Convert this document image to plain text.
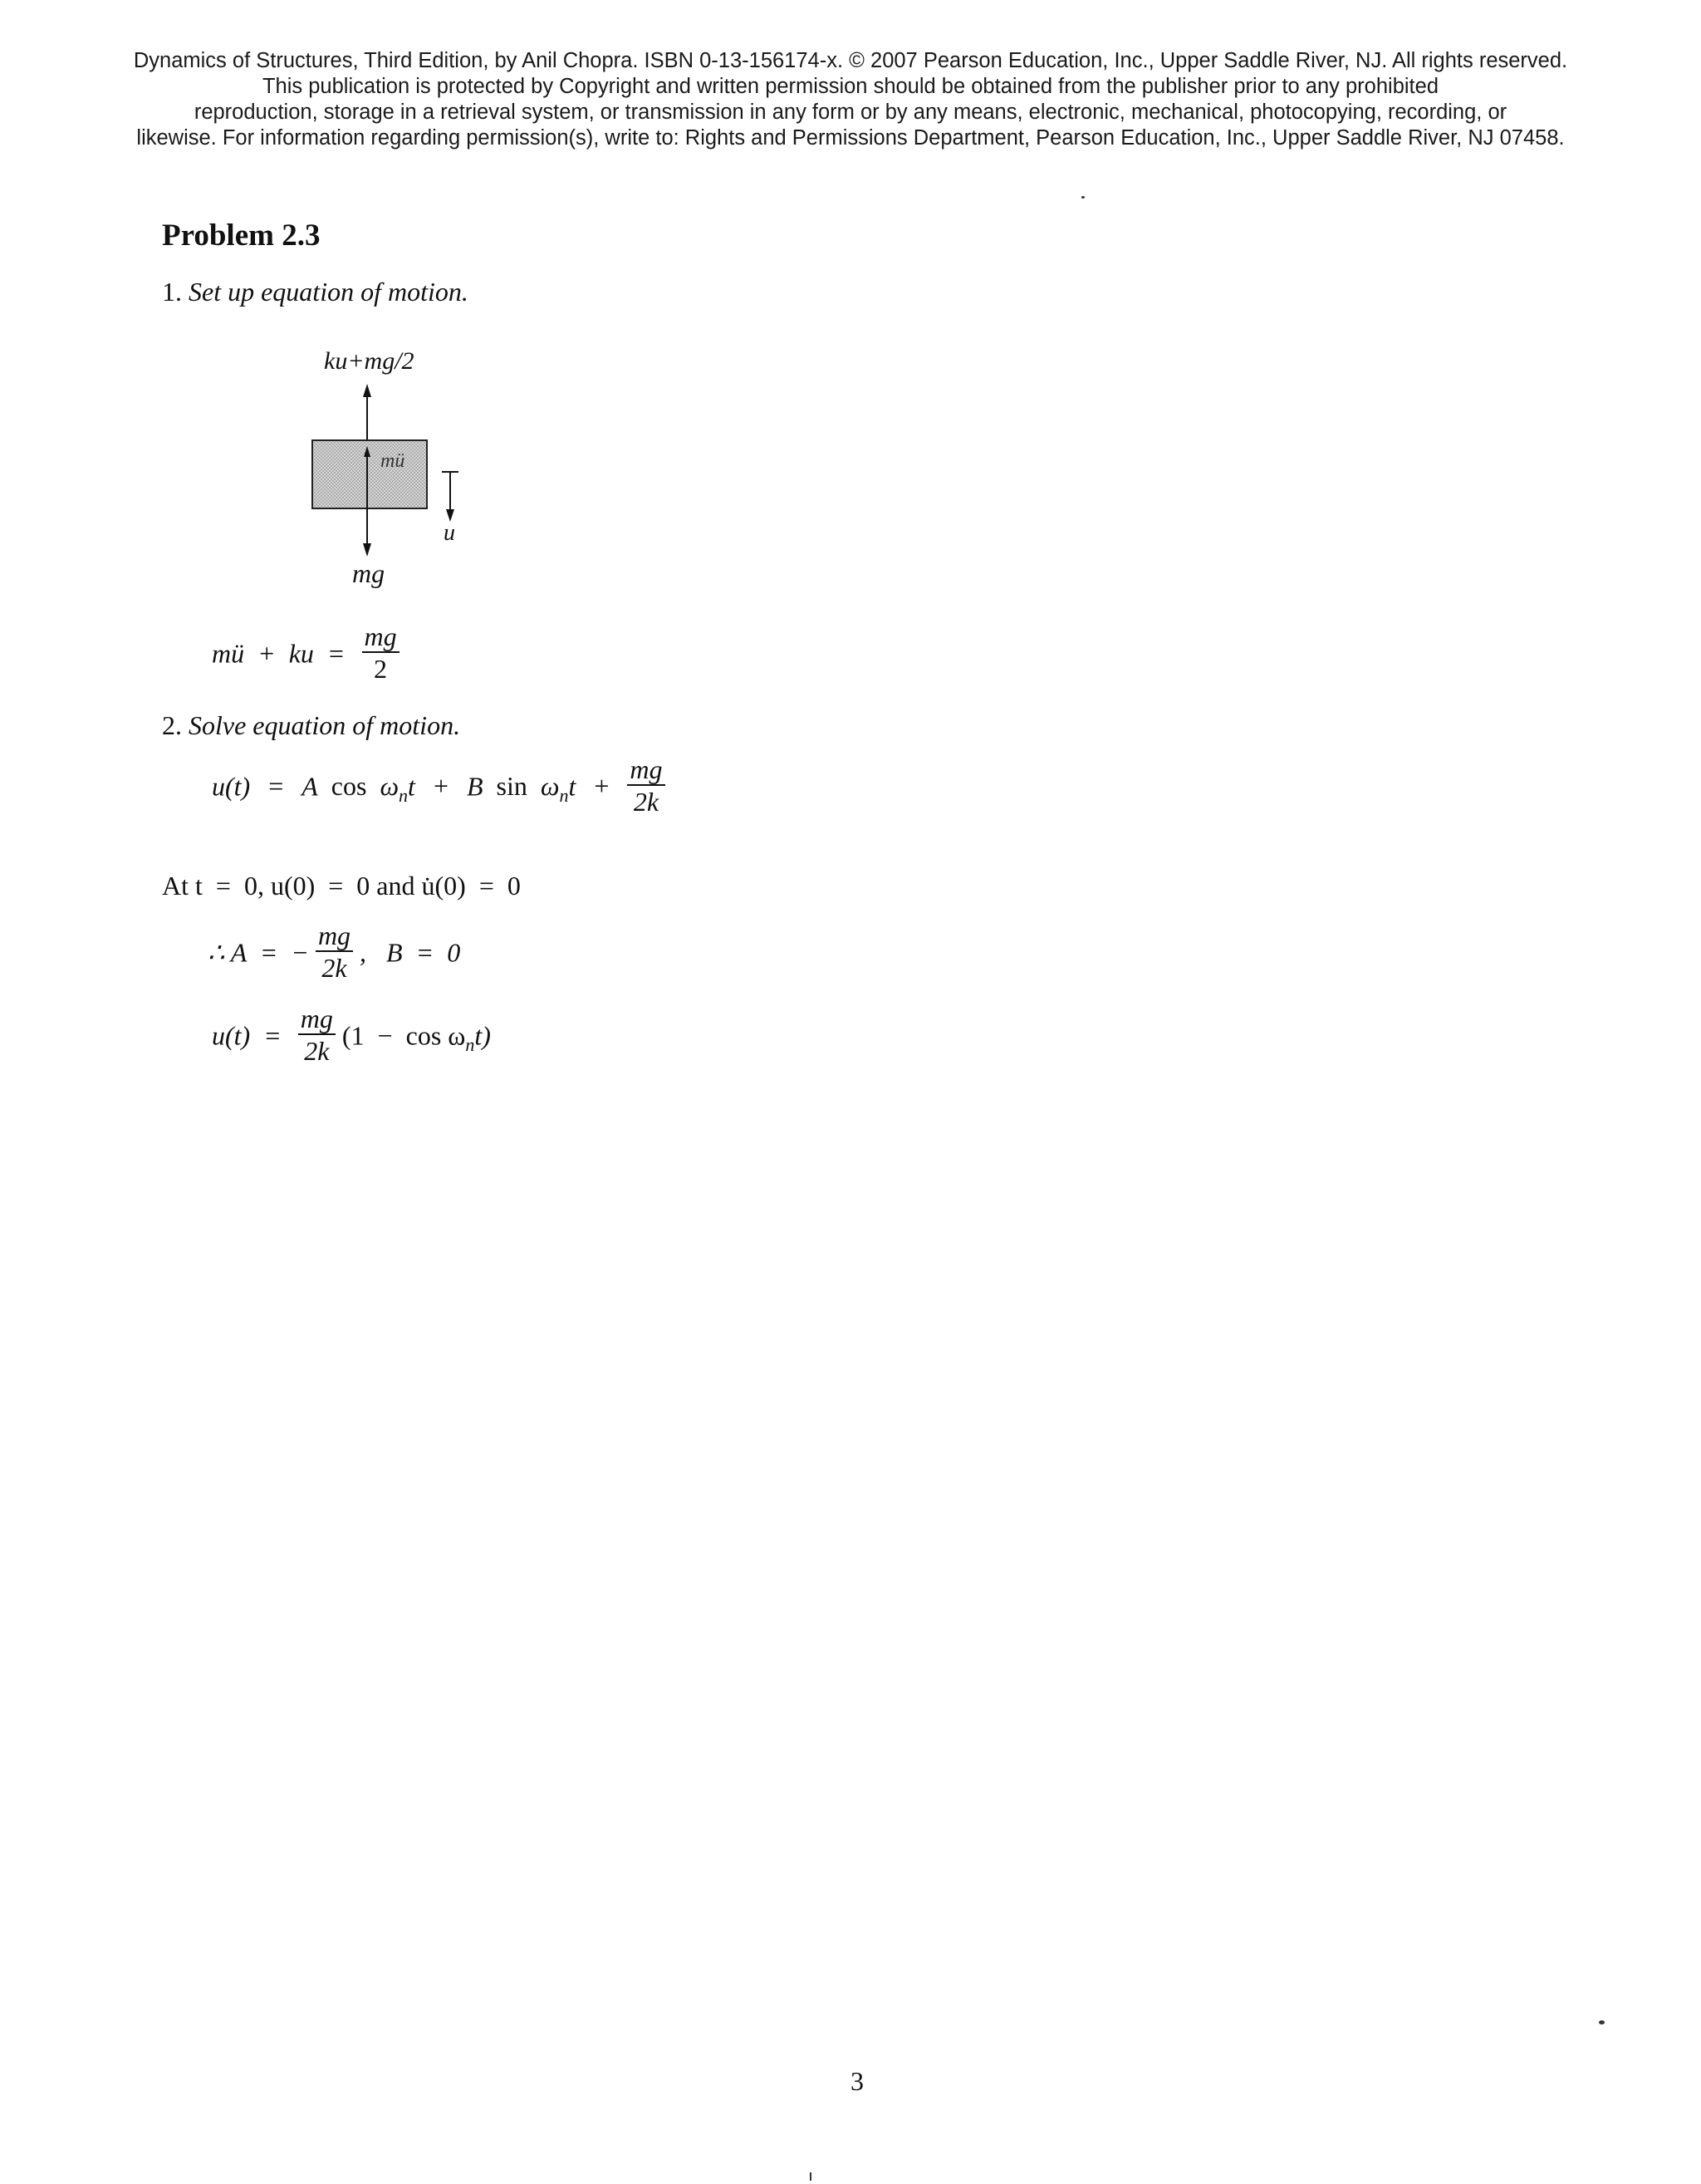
Dynamics of Structures, Third Edition, by Anil Chopra. ISBN 0-13-156174-x. © 2007 Pearson Education, Inc., Upper Saddle River, NJ. All rights reserved.
This publication is protected by Copyright and written permission should be obtained from the publisher prior to any prohibited
reproduction, storage in a retrieval system, or transmission in any form or by any means, electronic, mechanical, photocopying, recording, or
likewise. For information regarding permission(s), write to: Rights and Permissions Department, Pearson Education, Inc., Upper Saddle River, NJ 07458.
Problem 2.3
1. Set up equation of motion.
ku+mg/2
mü
mg
u
mü  +  ku  = $\frac{mg}{2}$
2. Solve equation of motion.
u(t) = A $\cos \omega_nt + B$ $\sin \omega_nt + \frac{mg}{2k}$
At t  =  0, u(0)  =  0 and u̇(0)  =  0
∴ A  =  − $\frac{mg}{2k}$ ,   B  =  0
$u(t) = \frac{mg}{2k} (1 - \cos \omega_nt)$
3
